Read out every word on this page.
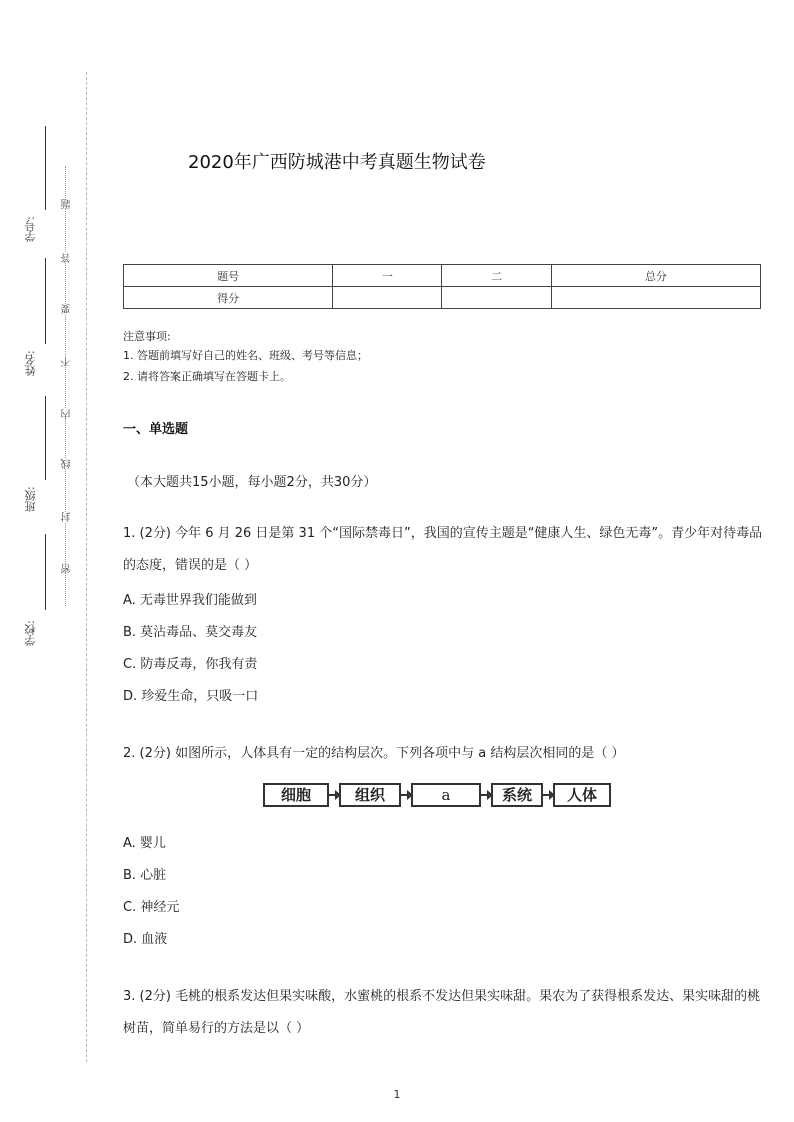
学号:
姓名:
班级:
学校:
题
答
要
不
内
线
封
密
2020年广西防城港中考真题生物试卷
题号	一	二	总分
得分			
注意事项:
1. 答题前填写好自己的姓名、班级、考号等信息；
2. 请将答案正确填写在答题卡上。
一、单选题
（本大题共15小题，每小题2分，共30分）
1. (2分) 今年 6 月 26 日是第 31 个“国际禁毒日”，我国的宣传主题是“健康人生、绿色无毒”。青少年对待毒品的态度，错误的是（ ）
A. 无毒世界我们能做到
B. 莫沾毒品、莫交毒友
C. 防毒反毒，你我有责
D. 珍爱生命，只吸一口
2. (2分) 如图所示，人体具有一定的结构层次。下列各项中与 a 结构层次相同的是（ ）
细胞	组织	a	系统	人体
A. 婴儿
B. 心脏
C. 神经元
D. 血液
3. (2分) 毛桃的根系发达但果实味酸，水蜜桃的根系不发达但果实味甜。果农为了获得根系发达、果实味甜的桃树苗，简单易行的方法是以（ ）
1
